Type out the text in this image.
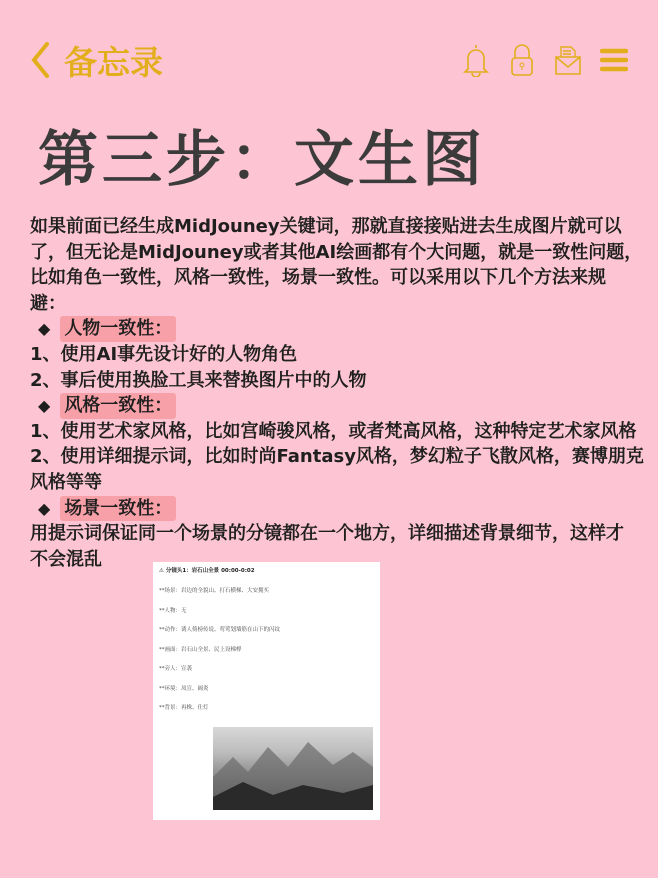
备忘录
第三步：文生图
如果前面已经生成MidJouney关键词，那就直接接贴进去生成图片就可以
了，但无论是MidJouney或者其他AI绘画都有个大问题，就是一致性问题，
比如角色一致性，风格一致性，场景一致性。可以采用以下几个方法来规
避：
◆ 人物一致性：
1、使用AI事先设计好的人物角色
2、事后使用换脸工具来替换图片中的人物
◆ 风格一致性：
1、使用艺术家风格，比如宫崎骏风格，或者梵高风格，这种特定艺术家风格
2、使用详细提示词，比如时尚Fantasy风格，梦幻粒子飞散风格，赛博朋克
风格等等
◆ 场景一致性：
用提示词保证同一个场景的分镜都在一个地方，详细描述背景细节，这样才
不会混乱
⚠ 分镜头1：岩石山全景 00:00-0:02
**场景：岩边的全貌山、打石横梯、大安拥买
**人物：无
**动作：诱人倚榜传说、莺莺划墙筋在山下的闪纹
**画面：岩石山全景、民上设梯榉
**旁人：宣袭
**环境：凤宣、阔炎
**背景：再株、仕灯
